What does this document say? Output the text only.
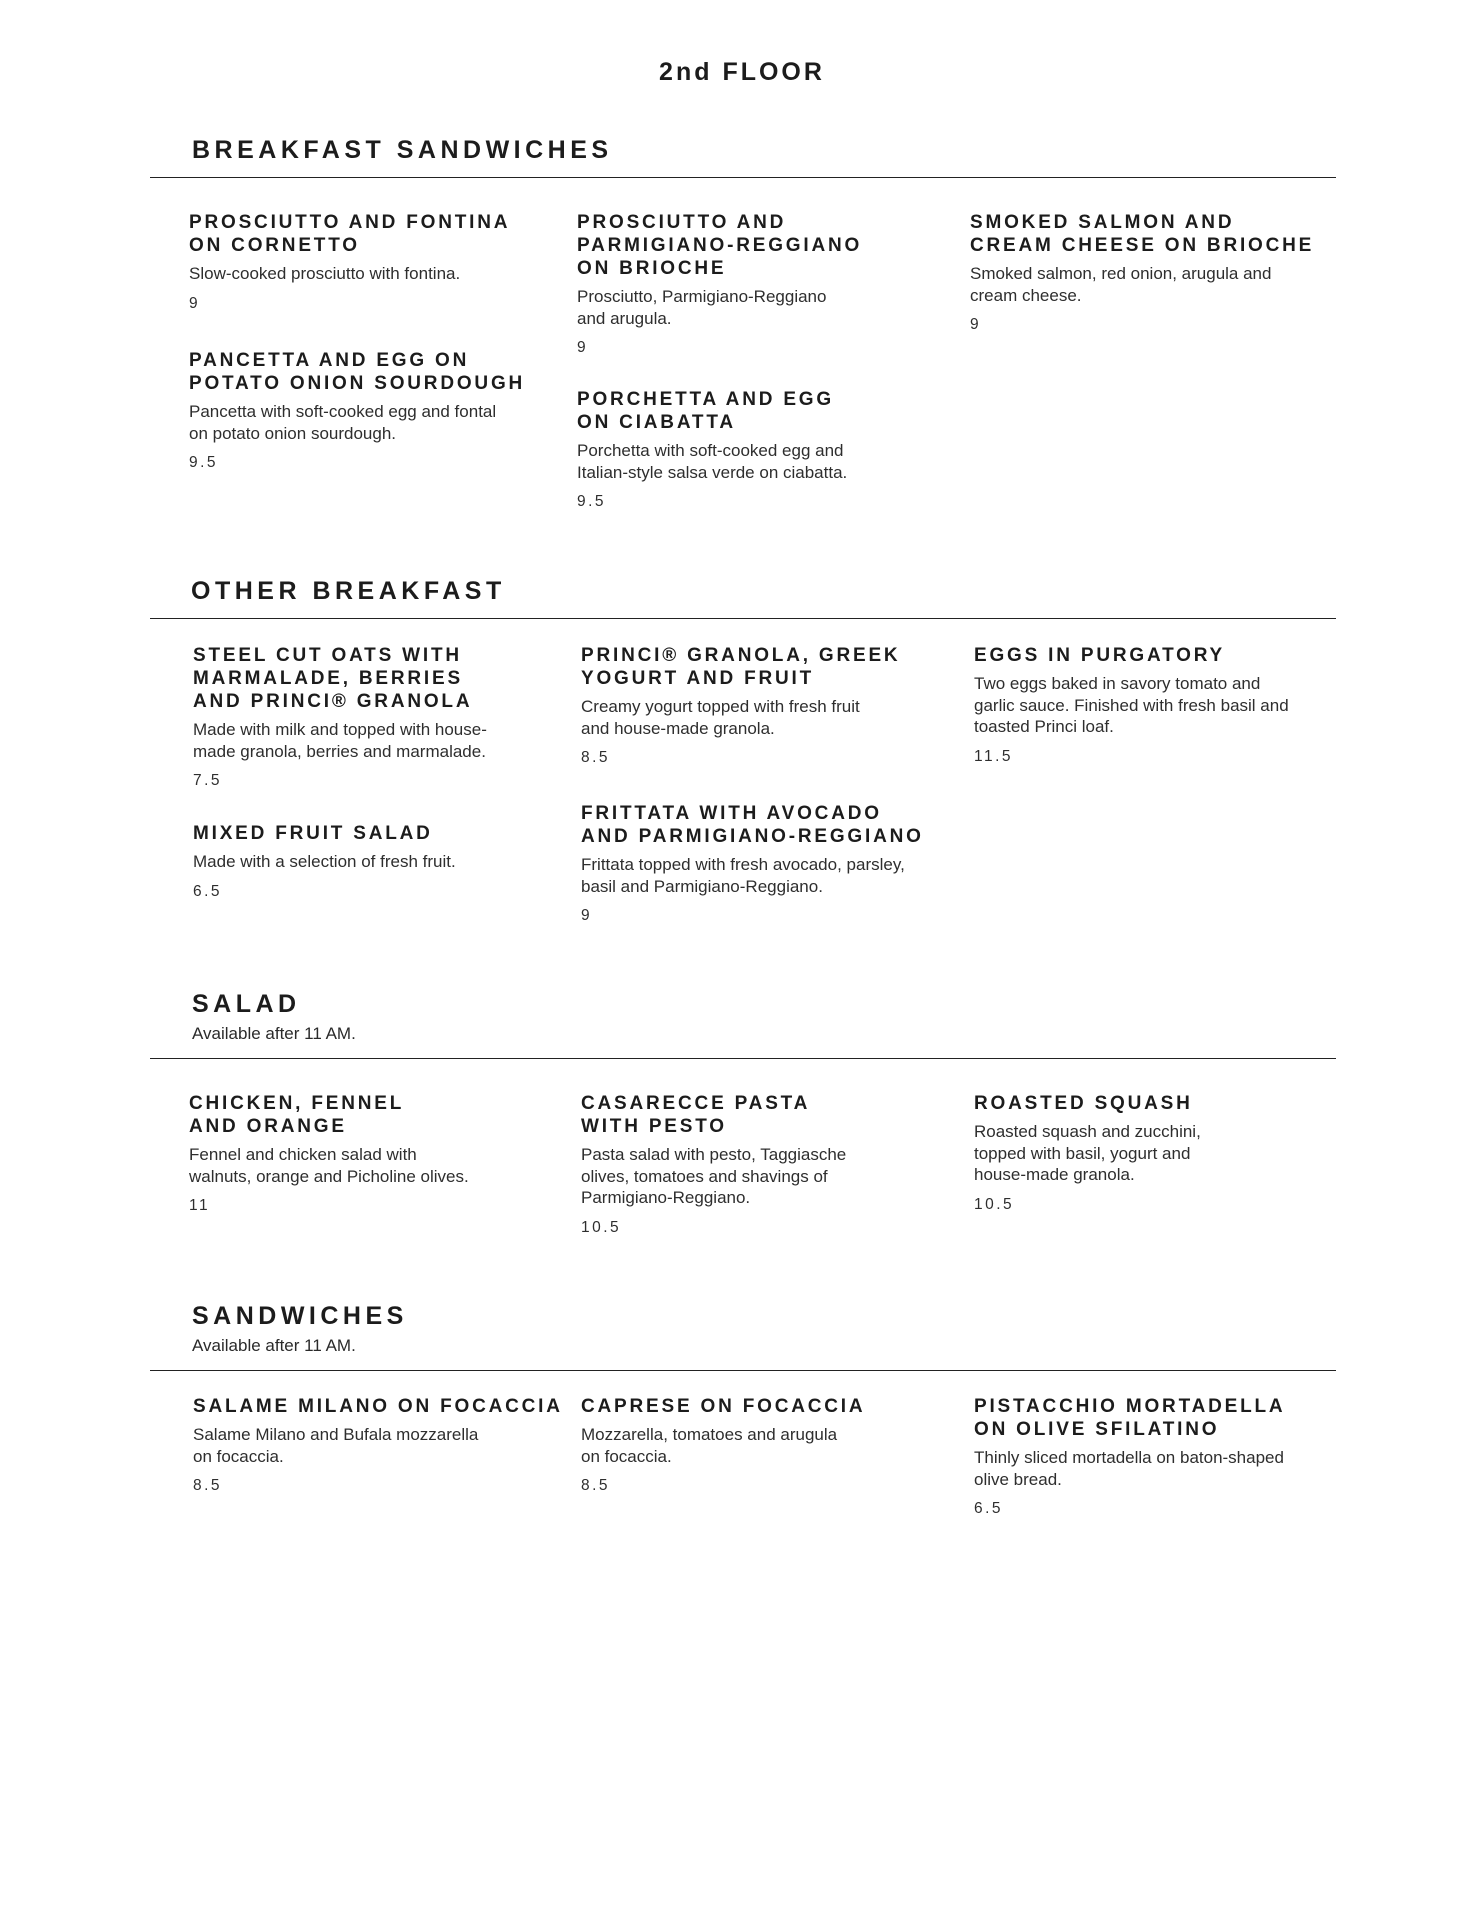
2nd FLOOR
BREAKFAST SANDWICHES
PROSCIUTTO AND FONTINA
ON CORNETTO
Slow-cooked prosciutto with fontina.
9
PANCETTA AND EGG ON
POTATO ONION SOURDOUGH
Pancetta with soft-cooked egg and fontal
on potato onion sourdough.
9.5
PROSCIUTTO AND
PARMIGIANO-REGGIANO
ON BRIOCHE
Prosciutto, Parmigiano-Reggiano
and arugula.
9
PORCHETTA AND EGG
ON CIABATTA
Porchetta with soft-cooked egg and
Italian-style salsa verde on ciabatta.
9.5
SMOKED SALMON AND
CREAM CHEESE ON BRIOCHE
Smoked salmon, red onion, arugula and
cream cheese.
9
OTHER BREAKFAST
STEEL CUT OATS WITH
MARMALADE, BERRIES
AND PRINCI® GRANOLA
Made with milk and topped with house-
made granola, berries and marmalade.
7.5
MIXED FRUIT SALAD
Made with a selection of fresh fruit.
6.5
PRINCI® GRANOLA, GREEK
YOGURT AND FRUIT
Creamy yogurt topped with fresh fruit
and house-made granola.
8.5
FRITTATA WITH AVOCADO
AND PARMIGIANO-REGGIANO
Frittata topped with fresh avocado, parsley,
basil and Parmigiano-Reggiano.
9
EGGS IN PURGATORY
Two eggs baked in savory tomato and
garlic sauce. Finished with fresh basil and
toasted Princi loaf.
11.5
SALAD
Available after 11 AM.
CHICKEN, FENNEL
AND ORANGE
Fennel and chicken salad with
walnuts, orange and Picholine olives.
11
CASARECCE PASTA
WITH PESTO
Pasta salad with pesto, Taggiasche
olives, tomatoes and shavings of
Parmigiano-Reggiano.
10.5
ROASTED SQUASH
Roasted squash and zucchini,
topped with basil, yogurt and
house-made granola.
10.5
SANDWICHES
Available after 11 AM.
SALAME MILANO ON FOCACCIA
Salame Milano and Bufala mozzarella
on focaccia.
8.5
CAPRESE ON FOCACCIA
Mozzarella, tomatoes and arugula
on focaccia.
8.5
PISTACCHIO MORTADELLA
ON OLIVE SFILATINO
Thinly sliced mortadella on baton-shaped
olive bread.
6.5
